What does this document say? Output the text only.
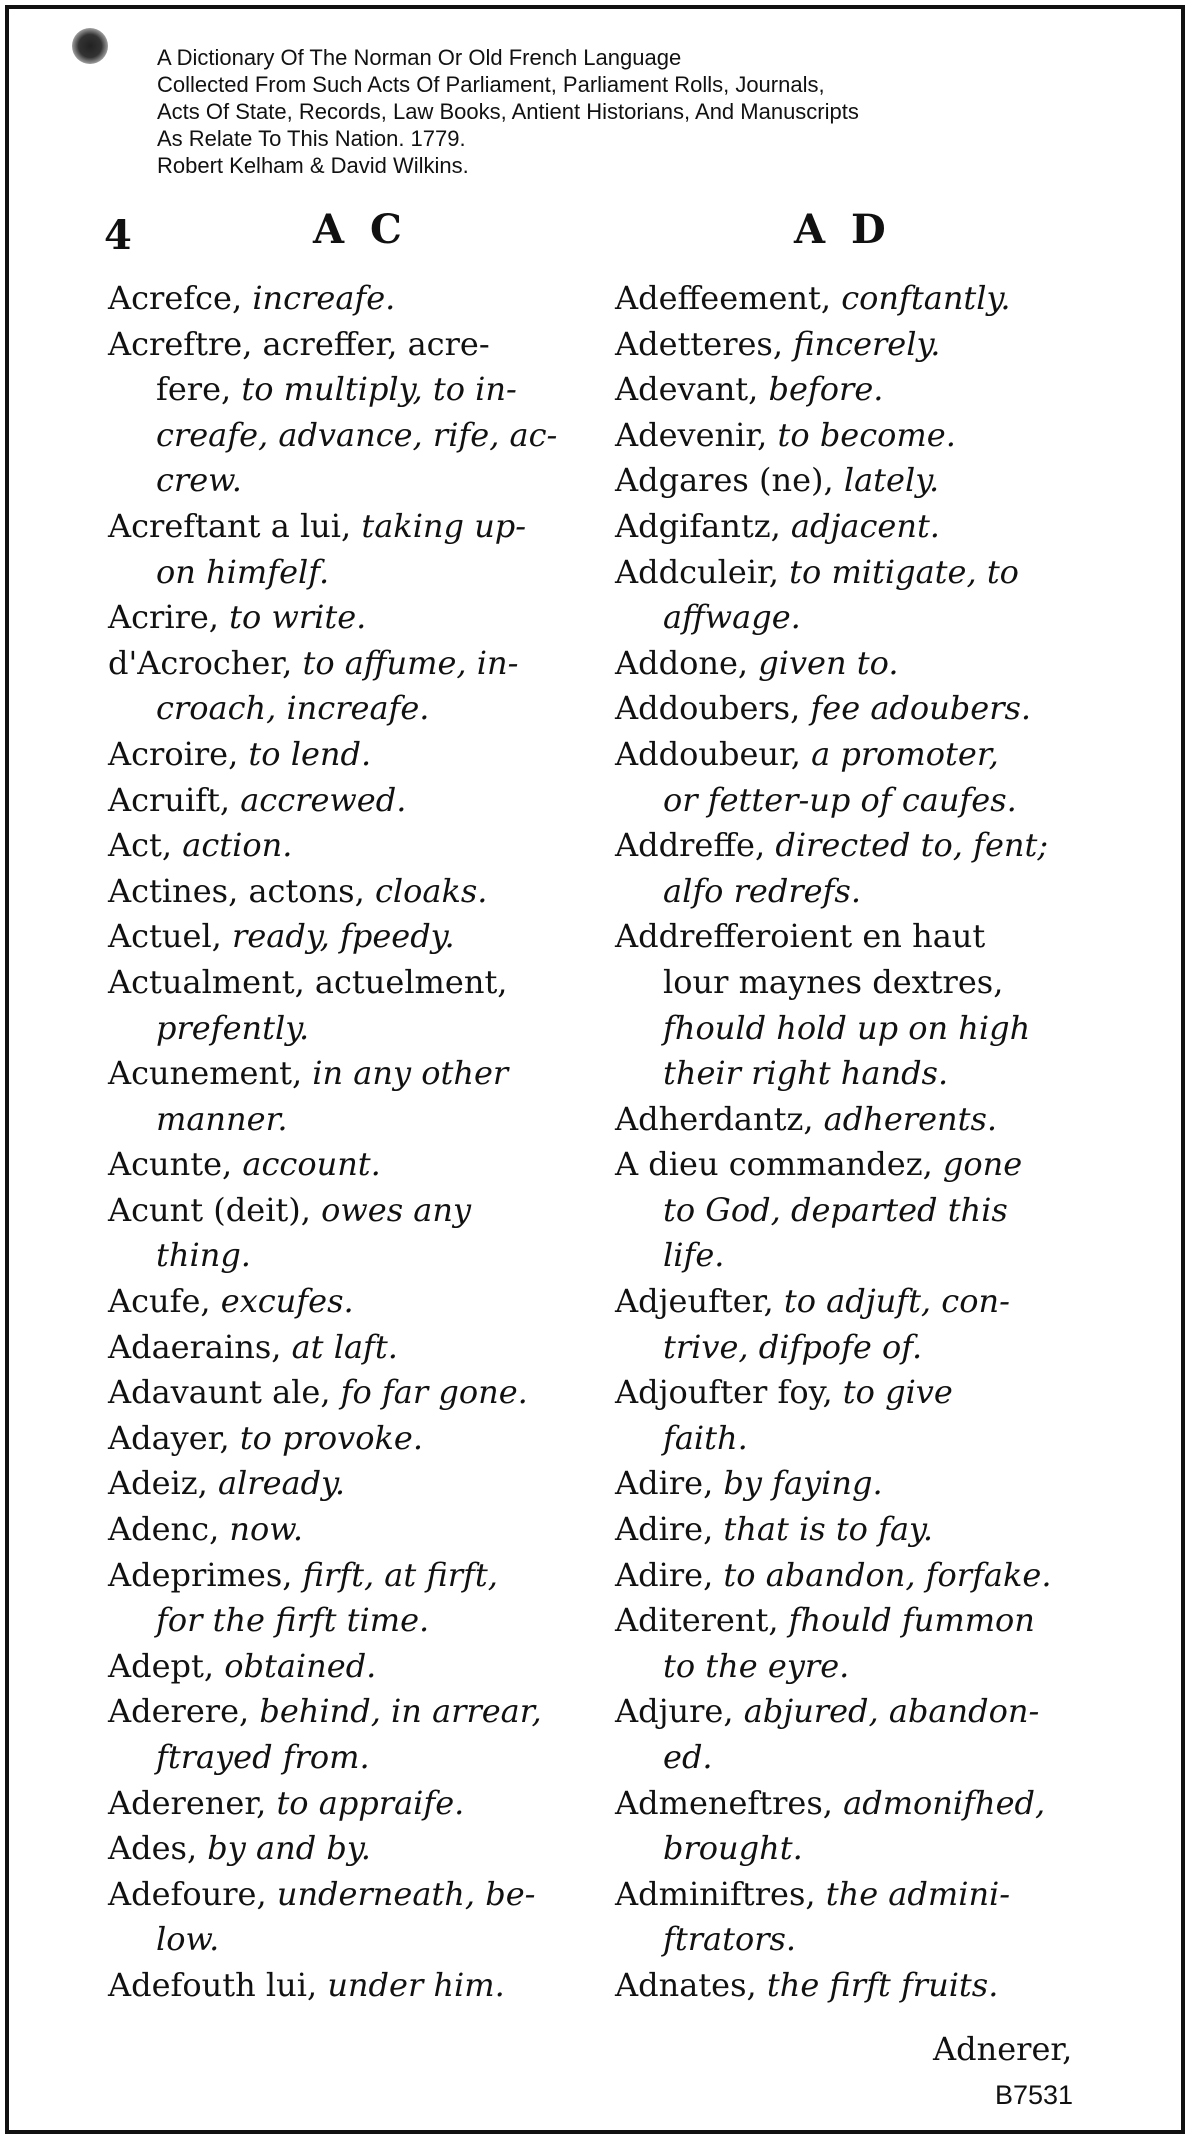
A Dictionary Of The Norman Or Old French Language
Collected From Such Acts Of Parliament, Parliament Rolls, Journals,
Acts Of State, Records, Law Books, Antient Historians, And Manuscripts
As Relate To This Nation. 1779.
Robert Kelham & David Wilkins.
4	A C	A D
Acrefce, increafe.
Acreftre, acreffer, acre-
fere, to multiply, to in-
creafe, advance, rife, ac-
crew.
Acreftant a lui, taking up-
on himfelf.
Acrire, to write.
d'Acrocher, to affume, in-
croach, increafe.
Acroire, to lend.
Acruift, accrewed.
Act, action.
Actines, actons, cloaks.
Actuel, ready, fpeedy.
Actualment, actuelment,
prefently.
Acunement, in any other
manner.
Acunte, account.
Acunt (deit), owes any
thing.
Acufe, excufes.
Adaerains, at laft.
Adavaunt ale, fo far gone.
Adayer, to provoke.
Adeiz, already.
Adenc, now.
Adeprimes, firft, at firft,
for the firft time.
Adept, obtained.
Aderere, behind, in arrear,
ftrayed from.
Aderener, to appraife.
Ades, by and by.
Adefoure, underneath, be-
low.
Adefouth lui, under him.
Adeffeement, conftantly.
Adetteres, fincerely.
Adevant, before.
Adevenir, to become.
Adgares (ne), lately.
Adgifantz, adjacent.
Addculeir, to mitigate, to
affwage.
Addone, given to.
Addoubers, fee adoubers.
Addoubeur, a promoter,
or fetter-up of caufes.
Addreffe, directed to, fent;
alfo redrefs.
Addrefferoient en haut
lour maynes dextres,
fhould hold up on high
their right hands.
Adherdantz, adherents.
A dieu commandez, gone
to God, departed this
life.
Adjeufter, to adjuft, con-
trive, difpofe of.
Adjoufter foy, to give
faith.
Adire, by faying.
Adire, that is to fay.
Adire, to abandon, forfake.
Aditerent, fhould fummon
to the eyre.
Adjure, abjured, abandon-
ed.
Admeneftres, admonifhed,
brought.
Adminiftres, the admini-
ftrators.
Adnates, the firft fruits.
Adnerer,
B7531
